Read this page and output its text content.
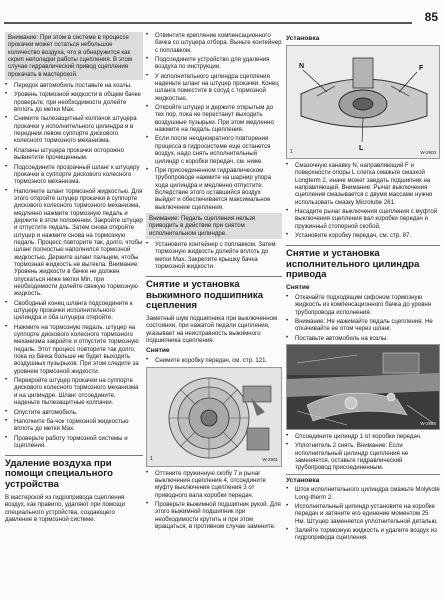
85
Внимание: При этом в системе в процессе прокачки может остаться небольшое количество воздуха, что в обнаружится как скрип неполадки работы сцепления. В этом случае гидравлический привод сцепления прокачать в мастерской.
•	Передок автомобиль поставьте на козлы.
•	Уровень тормозной жидкости в общем бачке проверьте, при необходимости долейте вплоть до метки Max.
•	Снимите пылезащитный колпачок штуцера прокачки у исполнительного цилиндра и в переднем левом суппорте дискового колесного тормозного механизма.
•	Клапаны штуцера прокачки осторожно вывинтите прочищенным.
•	Подсоедините прозрачный шланг к штуцеру прокачки в суппорте дискового колесного тормозного механизма.
•	Наполните шланг тормозной жидкостью. Для этого откройте штуцер прокачки в суппорте дискового колесного тормозного механизма, медленно нажмите тормозную педаль и держите в этом положении. Закройте штуцер и отпустите педаль. Затем снова откройте штуцер и нажмите снова на тормозную педаль. Процесс повторите так, долго, чтобы шланг полностью наполнился тормозной жидкостью. Держите шланг пальцем, чтобы тормозная жидкость не вытекла. Внимание: Уровень жидкости в бачке не должен опускаться ниже метки Min, при необходимости долейте свежую тормозную жидкость.
•	Свободный конец шланга подсоедините к штуцеру прокачки исполнительного цилиндра и оба штуцера откройте.
•	Нажмите на тормозную педаль, штуцер на суппорте дискового колесного тормозного механизма закройте и отпустите тормозную педаль. Этот процесс повторите так долго, пока из бачка больше не будет выходить воздушных пузырьков. При этом следите за уровнем тормозной жидкости.
•	Перекройте штуцер прокачки на суппорте дискового колесного тормозного механизма и на цилиндре. Шланг отсоедините, наденьте пылезащитные колпачки.
•	Опустите автомобиль.
•	Наполните ба-чок тормозной жидкостью вплоть до метки Max.
•	Проверьте работу тормозной системы и сцепления.
Удаление воздуха при помощи специального устройства
В мастерской из гидропривода сцепления воздух, как правило, удаляют при помощи специального устройства, создающего давление в тормозной системе.
•	Отвинтите крепление компенсационного бачка со штуцера отбора. Выньте контейнер с поплавком.
•	Подсоедините устройство для удаления воздуха по инструкции.
•	У исполнительного цилиндра сцепления наденьте шланг на штуцер прокачки. Конец шланга поместите в сосуд с тормозной жидкостью.
•	Откройте штуцер и держите открытым до тех пор, пока не перестанут выходить воздушные пузырьки. При этом медленно нажмите на педаль сцепления.
•	Если после неоднократного повторения процесса в гидросистеме еще останется воздух, надо снять исполнительный цилиндр с коробки передач, см. ниже.
•	При присоединенном гидравлическом трубопроводе нажмите на шарнир упора хода цилиндра и медленно отпустите. Вследствие этого оставшийся воздух выйдет и обеспечивается максимальное выключение сцепления.
Внимание: Педаль сцепления нельзя приводить в действие при снятом исполнительном цилиндре.
•	Установите контейнер с поплавком. Затем тормозную жидкость долейте вплоть до метки Max. Закрепите крышку бачка тормозной жидкости.
Снятие и установка выжимного подшипника сцепления
Заметный шум подшипника при выключенном состоянии, при нажатой педали сцепления, указывает на неисправность выжимного подшипника сцепления.
Снятие
•	Снимите коробку передач, см. стр. 121.
1	W-2901
•	Оттяните пружинную скобу 7 и рычаг выключения сцепления 4, отсоедините муфту выключения сцепления 3 от приводного вала коробки передач.
•	Проверьте выжимной подшипник рукой. Для этого выжимной подшипник при необходимости крутить и при этом вращаться, в противном случае замените.
Установка
N	F
L
1	W-2903
•	Смазочную канавку N, направляющий F и поверхности опоры L слегка смажьте смазкой Longterm 2, иначе может заедать подшипник на направляющей. Внимание: Рычаг выключения сцепления смазывается с двумя массами нужно использовать смазку Microlube 261.
•	Насадите рычаг выключения сцепления с муфтой выключения сцепления вал коробки передач и пружинный стопорной скобой.
•	Установите коробку передач, см. стр. 87.
Снятие и установка исполнительного цилиндра привода
Снятие
•	Откачайте подходящим сифоном тормозную жидкость из компенсационного бачка до уровня трубопровода исполнения.
•	Внимание: Не нажимайте педаль сцепления. Не откачивайте ее отом через шланг.
•	Поставьте автомобиль на козлы.
W-2956
•	Отсоедините цилиндр 1 от коробки передач.
•	Уплотнитель 2 снять. Внимание: Если исполнительный цилиндр сцепления не заменяется, оставьте гидравлический трубопровод присоединенным.
Установка
•	Шток исполнительного цилиндра смажьте Molykote Long-therm 2.
•	Исполнительный цилиндр установите на коробке передач и затяните его единение моментом 25 Нм. Штуцер заменяется уплотнительной деталью.
•	Залейте тормозную жидкость и удалите воздух из гидропривода сцепления.
